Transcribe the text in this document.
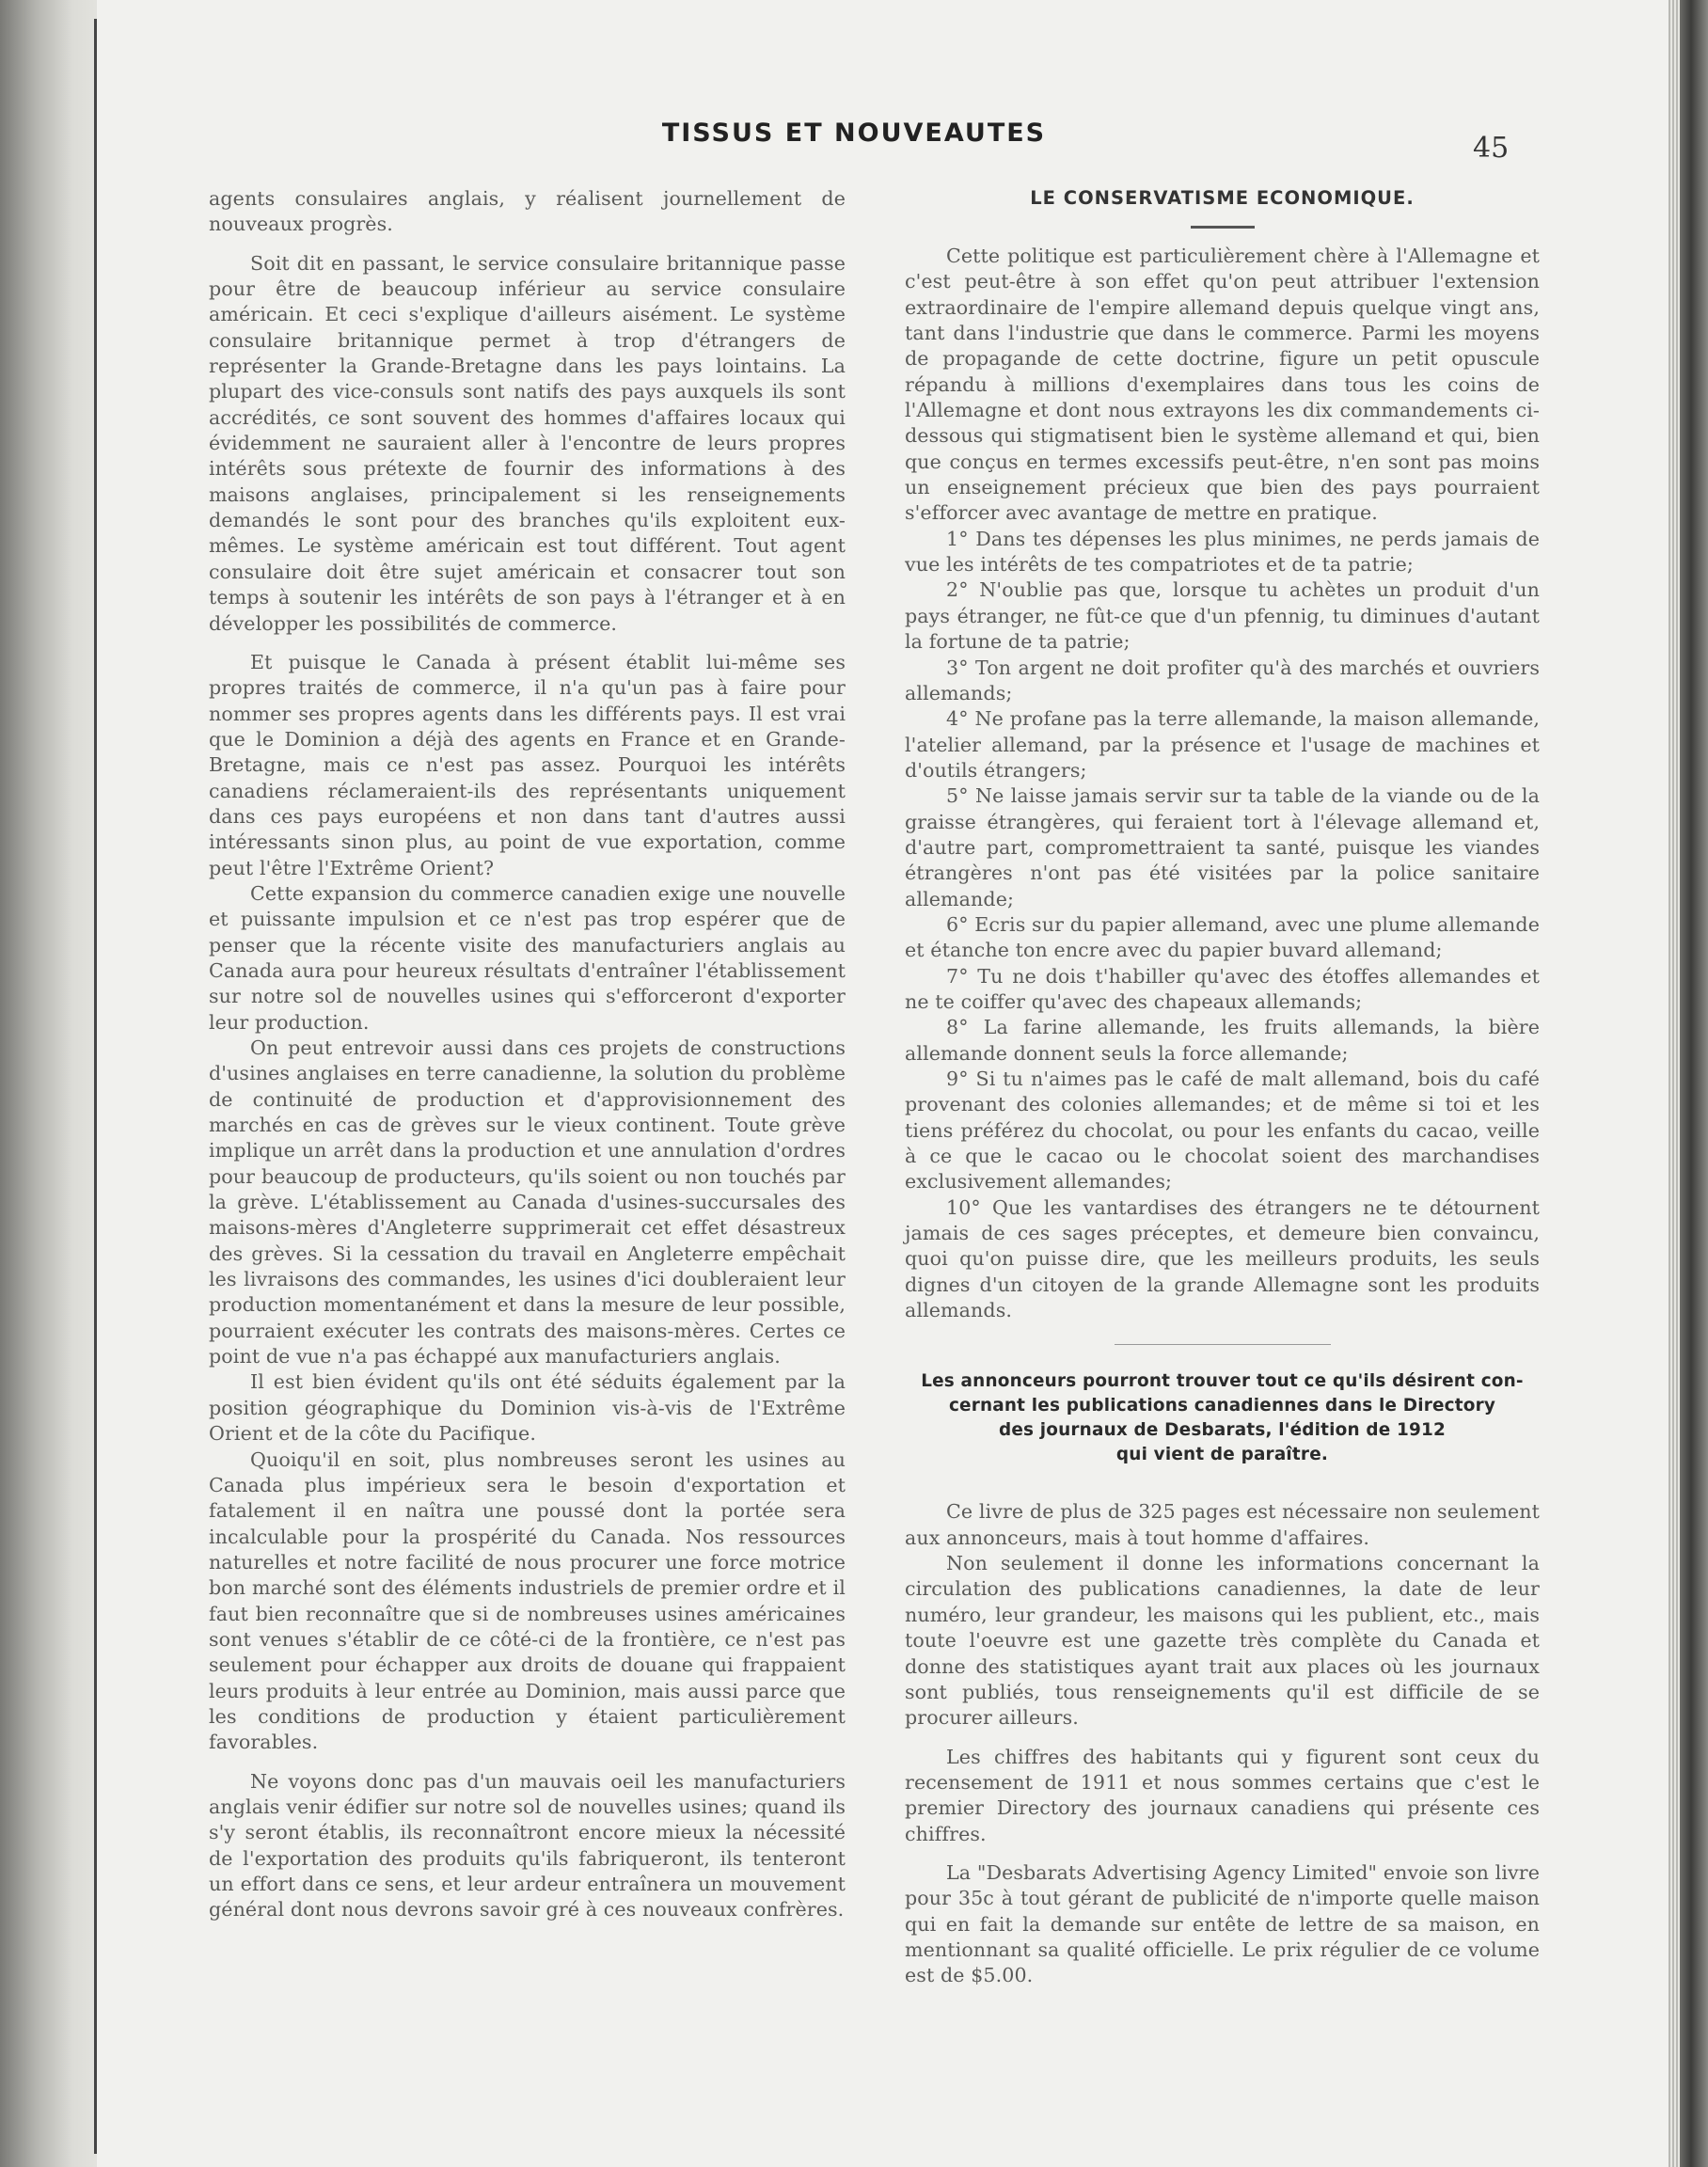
TISSUS ET NOUVEAUTES	45

agents consulaires anglais, y réalisent journellement de nouveaux progrès.

Soit dit en passant, le service consulaire britannique passe pour être de beaucoup inférieur au service consulaire américain. Et ceci s'explique d'ailleurs aisément. Le système consulaire britannique permet à trop d'étrangers de représenter la Grande-Bretagne dans les pays lointains. La plupart des vice-consuls sont natifs des pays auxquels ils sont accrédités, ce sont souvent des hommes d'affaires locaux qui évidemment ne sauraient aller à l'encontre de leurs propres intérêts sous prétexte de fournir des informations à des maisons anglaises, principalement si les renseignements demandés le sont pour des branches qu'ils exploitent eux-mêmes. Le système américain est tout différent. Tout agent consulaire doit être sujet américain et consacrer tout son temps à soutenir les intérêts de son pays à l'étranger et à en développer les possibilités de commerce.

Et puisque le Canada à présent établit lui-même ses propres traités de commerce, il n'a qu'un pas à faire pour nommer ses propres agents dans les différents pays. Il est vrai que le Dominion a déjà des agents en France et en Grande-Bretagne, mais ce n'est pas assez. Pourquoi les intérêts canadiens réclameraient-ils des représentants uniquement dans ces pays européens et non dans tant d'autres aussi intéressants sinon plus, au point de vue exportation, comme peut l'être l'Extrême Orient?

Cette expansion du commerce canadien exige une nouvelle et puissante impulsion et ce n'est pas trop espérer que de penser que la récente visite des manufacturiers anglais au Canada aura pour heureux résultats d'entraîner l'établissement sur notre sol de nouvelles usines qui s'efforceront d'exporter leur production.

On peut entrevoir aussi dans ces projets de constructions d'usines anglaises en terre canadienne, la solution du problème de continuité de production et d'approvisionnement des marchés en cas de grèves sur le vieux continent. Toute grève implique un arrêt dans la production et une annulation d'ordres pour beaucoup de producteurs, qu'ils soient ou non touchés par la grève. L'établissement au Canada d'usines-succursales des maisons-mères d'Angleterre supprimerait cet effet désastreux des grèves. Si la cessation du travail en Angleterre empêchait les livraisons des commandes, les usines d'ici doubleraient leur production momentanément et dans la mesure de leur possible, pourraient exécuter les contrats des maisons-mères. Certes ce point de vue n'a pas échappé aux manufacturiers anglais.

Il est bien évident qu'ils ont été séduits également par la position géographique du Dominion vis-à-vis de l'Extrême Orient et de la côte du Pacifique.

Quoiqu'il en soit, plus nombreuses seront les usines au Canada plus impérieux sera le besoin d'exportation et fatalement il en naîtra une poussé dont la portée sera incalculable pour la prospérité du Canada. Nos ressources naturelles et notre facilité de nous procurer une force motrice bon marché sont des éléments industriels de premier ordre et il faut bien reconnaître que si de nombreuses usines américaines sont venues s'établir de ce côté-ci de la frontière, ce n'est pas seulement pour échapper aux droits de douane qui frappaient leurs produits à leur entrée au Dominion, mais aussi parce que les conditions de production y étaient particulièrement favorables.

Ne voyons donc pas d'un mauvais oeil les manufacturiers anglais venir édifier sur notre sol de nouvelles usines; quand ils s'y seront établis, ils reconnaîtront encore mieux la nécessité de l'exportation des produits qu'ils fabriqueront, ils tenteront un effort dans ce sens, et leur ardeur entraînera un mouvement général dont nous devrons savoir gré à ces nouveaux confrères.

LE CONSERVATISME ECONOMIQUE.

Cette politique est particulièrement chère à l'Allemagne et c'est peut-être à son effet qu'on peut attribuer l'extension extraordinaire de l'empire allemand depuis quelque vingt ans, tant dans l'industrie que dans le commerce. Parmi les moyens de propagande de cette doctrine, figure un petit opuscule répandu à millions d'exemplaires dans tous les coins de l'Allemagne et dont nous extrayons les dix commandements ci-dessous qui stigmatisent bien le système allemand et qui, bien que conçus en termes excessifs peut-être, n'en sont pas moins un enseignement précieux que bien des pays pourraient s'efforcer avec avantage de mettre en pratique.

1° Dans tes dépenses les plus minimes, ne perds jamais de vue les intérêts de tes compatriotes et de ta patrie;

2° N'oublie pas que, lorsque tu achètes un produit d'un pays étranger, ne fût-ce que d'un pfennig, tu diminues d'autant la fortune de ta patrie;

3° Ton argent ne doit profiter qu'à des marchés et ouvriers allemands;

4° Ne profane pas la terre allemande, la maison allemande, l'atelier allemand, par la présence et l'usage de machines et d'outils étrangers;

5° Ne laisse jamais servir sur ta table de la viande ou de la graisse étrangères, qui feraient tort à l'élevage allemand et, d'autre part, compromettraient ta santé, puisque les viandes étrangères n'ont pas été visitées par la police sanitaire allemande;

6° Ecris sur du papier allemand, avec une plume allemande et étanche ton encre avec du papier buvard allemand;

7° Tu ne dois t'habiller qu'avec des étoffes allemandes et ne te coiffer qu'avec des chapeaux allemands;

8° La farine allemande, les fruits allemands, la bière allemande donnent seuls la force allemande;

9° Si tu n'aimes pas le café de malt allemand, bois du café provenant des colonies allemandes; et de même si toi et les tiens préférez du chocolat, ou pour les enfants du cacao, veille à ce que le cacao ou le chocolat soient des marchandises exclusivement allemandes;

10° Que les vantardises des étrangers ne te détournent jamais de ces sages préceptes, et demeure bien convaincu, quoi qu'on puisse dire, que les meilleurs produits, les seuls dignes d'un citoyen de la grande Allemagne sont les produits allemands.

Les annonceurs pourront trouver tout ce qu'ils désirent con-
cernant les publications canadiennes dans le Directory
des journaux de Desbarats, l'édition de 1912
qui vient de paraître.

Ce livre de plus de 325 pages est nécessaire non seulement aux annonceurs, mais à tout homme d'affaires.

Non seulement il donne les informations concernant la circulation des publications canadiennes, la date de leur numéro, leur grandeur, les maisons qui les publient, etc., mais toute l'oeuvre est une gazette très complète du Canada et donne des statistiques ayant trait aux places où les journaux sont publiés, tous renseignements qu'il est difficile de se procurer ailleurs.

Les chiffres des habitants qui y figurent sont ceux du recensement de 1911 et nous sommes certains que c'est le premier Directory des journaux canadiens qui présente ces chiffres.

La "Desbarats Advertising Agency Limited" envoie son livre pour 35c à tout gérant de publicité de n'importe quelle maison qui en fait la demande sur entête de lettre de sa maison, en mentionnant sa qualité officielle. Le prix régulier de ce volume est de $5.00.
